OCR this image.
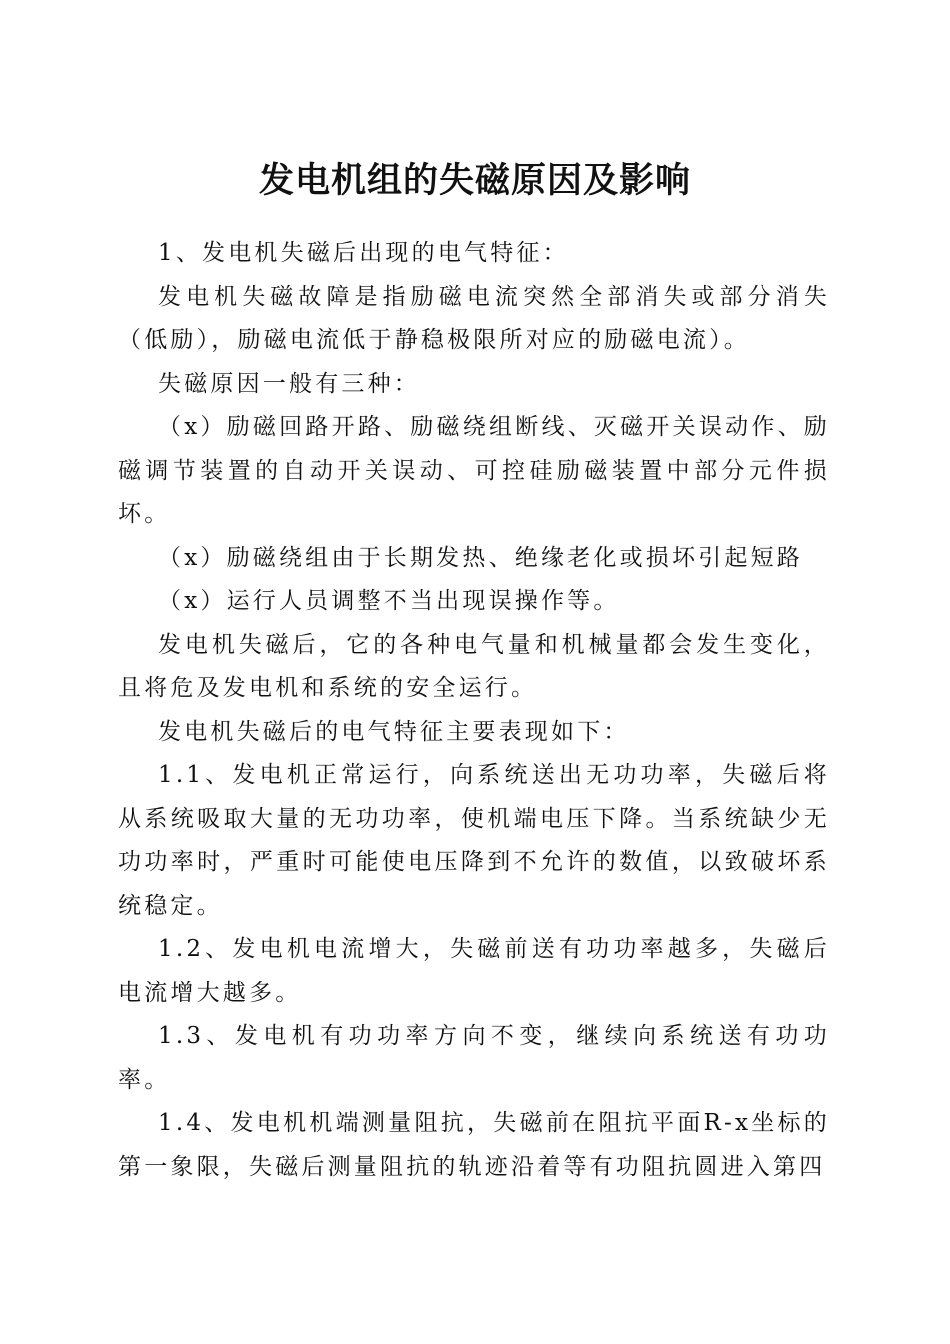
发电机组的失磁原因及影响

1、发电机失磁后出现的电气特征：

发电机失磁故障是指励磁电流突然全部消失或部分消失（低励），励磁电流低于静稳极限所对应的励磁电流）。

失磁原因一般有三种：

（x）励磁回路开路、励磁绕组断线、灭磁开关误动作、励磁调节装置的自动开关误动、可控硅励磁装置中部分元件损坏。

（x）励磁绕组由于长期发热、绝缘老化或损坏引起短路

（x）运行人员调整不当出现误操作等。

发电机失磁后，它的各种电气量和机械量都会发生变化，且将危及发电机和系统的安全运行。

发电机失磁后的电气特征主要表现如下：

1.1、发电机正常运行，向系统送出无功功率，失磁后将从系统吸取大量的无功功率，使机端电压下降。当系统缺少无功功率时，严重时可能使电压降到不允许的数值，以致破坏系统稳定。

1.2、发电机电流增大，失磁前送有功功率越多，失磁后电流增大越多。

1.3、发电机有功功率方向不变，继续向系统送有功功率。

1.4、发电机机端测量阻抗，失磁前在阻抗平面R-x坐标的第一象限，失磁后测量阻抗的轨迹沿着等有功阻抗圆进入第四
